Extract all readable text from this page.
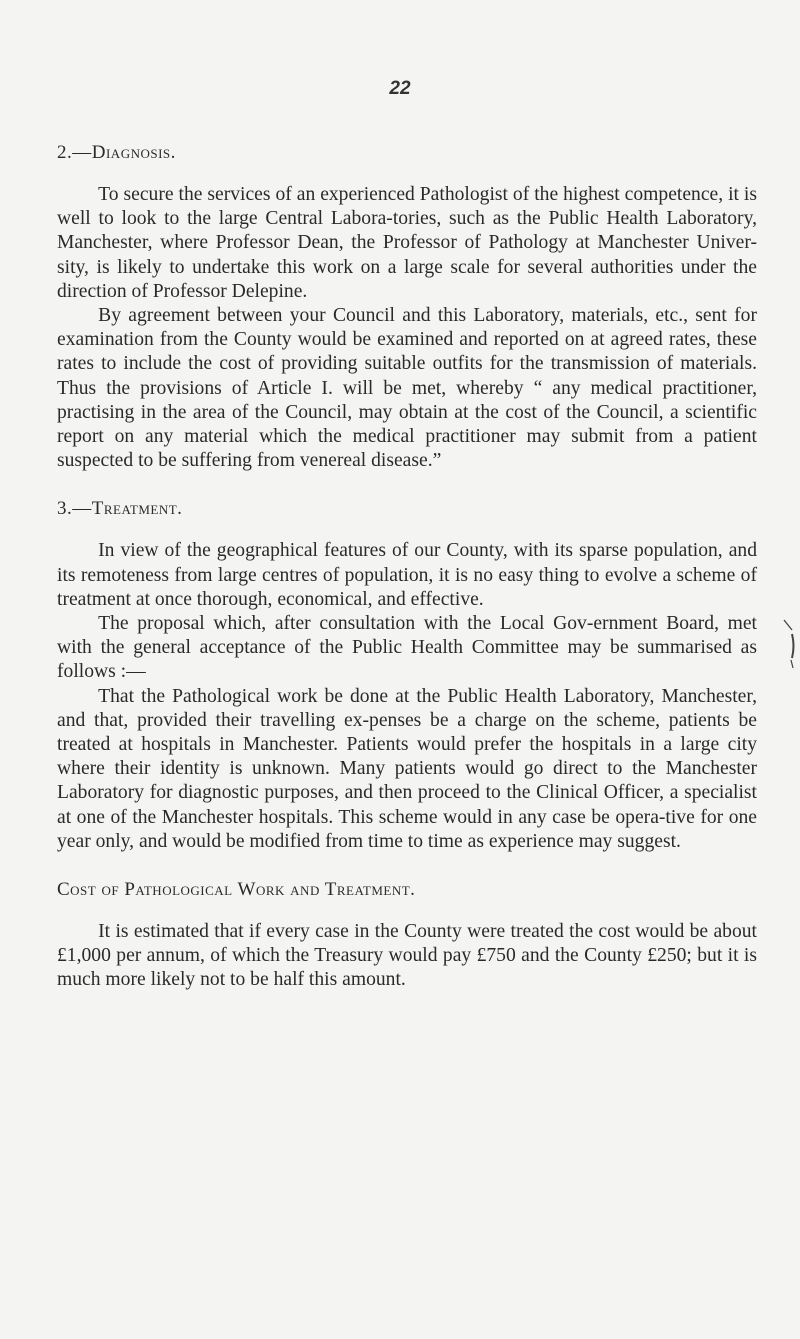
22

2.—Diagnosis.

To secure the services of an experienced Pathologist of the highest competence, it is well to look to the large Central Labora-tories, such as the Public Health Laboratory, Manchester, where Professor Dean, the Professor of Pathology at Manchester Univer-sity, is likely to undertake this work on a large scale for several authorities under the direction of Professor Delepine.

By agreement between your Council and this Laboratory, materials, etc., sent for examination from the County would be examined and reported on at agreed rates, these rates to include the cost of providing suitable outfits for the transmission of materials. Thus the provisions of Article I. will be met, whereby “ any medical practitioner, practising in the area of the Council, may obtain at the cost of the Council, a scientific report on any material which the medical practitioner may submit from a patient suspected to be suffering from venereal disease.”

3.—Treatment.

In view of the geographical features of our County, with its sparse population, and its remoteness from large centres of population, it is no easy thing to evolve a scheme of treatment at once thorough, economical, and effective.

The proposal which, after consultation with the Local Gov-ernment Board, met with the general acceptance of the Public Health Committee may be summarised as follows :—

That the Pathological work be done at the Public Health Laboratory, Manchester, and that, provided their travelling ex-penses be a charge on the scheme, patients be treated at hospitals in Manchester. Patients would prefer the hospitals in a large city where their identity is unknown. Many patients would go direct to the Manchester Laboratory for diagnostic purposes, and then proceed to the Clinical Officer, a specialist at one of the Manchester hospitals. This scheme would in any case be opera-tive for one year only, and would be modified from time to time as experience may suggest.

Cost of Pathological Work and Treatment.

It is estimated that if every case in the County were treated the cost would be about £1,000 per annum, of which the Treasury would pay £750 and the County £250; but it is much more likely not to be half this amount.
